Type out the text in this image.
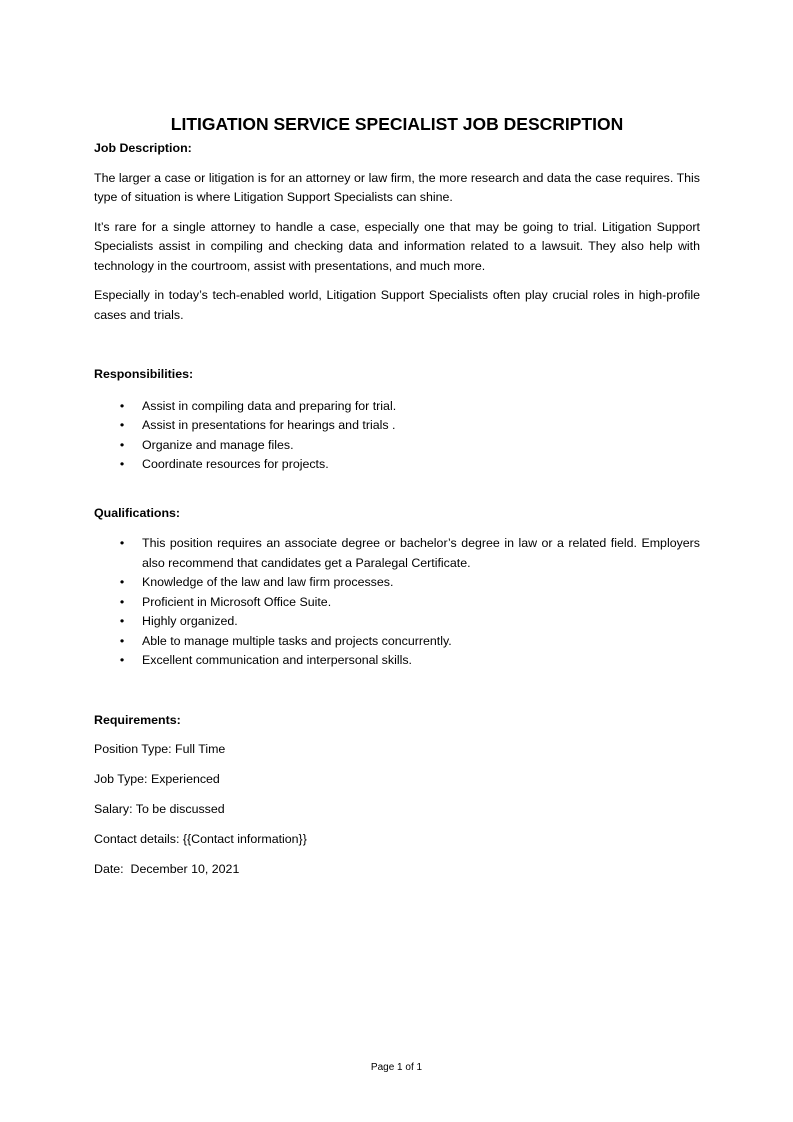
LITIGATION SERVICE SPECIALIST JOB DESCRIPTION
Job Description:

The larger a case or litigation is for an attorney or law firm, the more research and data the case requires. This type of situation is where Litigation Support Specialists can shine.

It’s rare for a single attorney to handle a case, especially one that may be going to trial. Litigation Support Specialists assist in compiling and checking data and information related to a lawsuit. They also help with technology in the courtroom, assist with presentations, and much more.

Especially in today’s tech-enabled world, Litigation Support Specialists often play crucial roles in high-profile cases and trials.

Responsibilities:
• Assist in compiling data and preparing for trial.
• Assist in presentations for hearings and trials .
• Organize and manage files.
• Coordinate resources for projects.
Qualifications:
• This position requires an associate degree or bachelor’s degree in law or a related field. Employers also recommend that candidates get a Paralegal Certificate.
• Knowledge of the law and law firm processes.
• Proficient in Microsoft Office Suite.
• Highly organized.
• Able to manage multiple tasks and projects concurrently.
• Excellent communication and interpersonal skills.
Requirements:
Position Type: Full Time
Job Type: Experienced
Salary: To be discussed
Contact details: {{Contact information}}
Date:  December 10, 2021
Page 1 of 1
